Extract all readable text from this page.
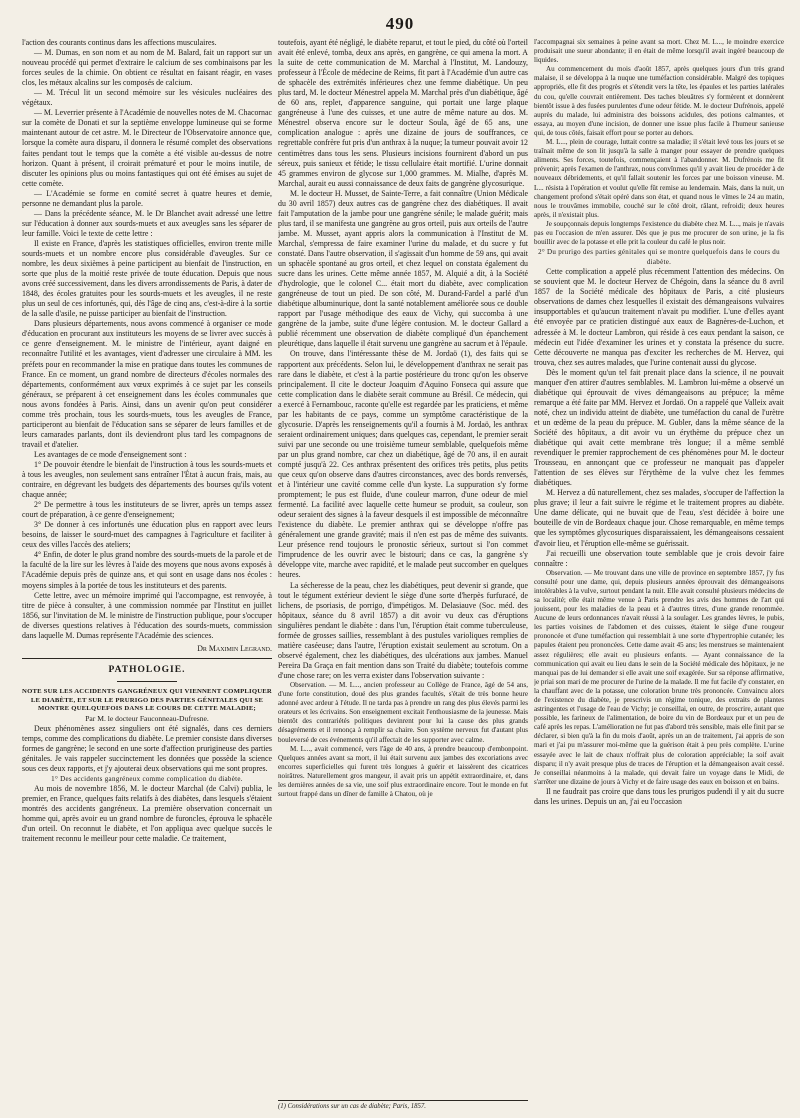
490

l'action des courants continus dans les affections musculaires.

— M. Dumas, en son nom et au nom de M. Balard, fait un rapport sur un nouveau procédé qui permet d'extraire le calcium de ses combinaisons par les forces seules de la chimie. On obtient ce résultat en faisant réagir, en vases clos, les métaux alcalins sur les composés de calcium.

— M. Trécul lit un second mémoire sur les vésicules nucléaires des végétaux.

— M. Leverrier présente à l'Académie de nouvelles notes de M. Chacornac sur la comète de Donati et sur la septième enveloppe lumineuse qui se forme maintenant autour de cet astre. M. le Directeur de l'Observatoire annonce que, lorsque la comète aura disparu, il donnera le résumé complet des observations faites pendant tout le temps que la comète a été visible au-dessus de notre horizon. Quant à présent, il croirait prématuré et pour le moins inutile, de discuter les opinions plus ou moins fantastiques qui ont été émises au sujet de cette comète.

— L'Académie se forme en comité secret à quatre heures et demie, personne ne demandant plus la parole.

— Dans la précédente séance, M. le Dr Blanchet avait adressé une lettre sur l'éducation à donner aux sourds-muets et aux aveugles sans les séparer de leur famille. Voici le texte de cette lettre :

Il existe en France, d'après les statistiques officielles, environ trente mille sourds-muets et un nombre encore plus considérable d'aveugles. Sur ce nombre, les deux sixièmes à peine participent au bienfait de l'instruction, en sorte que plus de la moitié reste privée de toute éducation. Depuis que nous avons créé successivement, dans les divers arrondissements de Paris, à dater de 1848, des écoles gratuites pour les sourds-muets et les aveugles, il ne reste plus un seul de ces infortunés, qui, dès l'âge de cinq ans, c'est-à-dire à la sortie de la salle d'asile, ne puisse participer au bienfait de l'instruction.

Dans plusieurs départements, nous avons commencé à organiser ce mode d'éducation en procurant aux instituteurs les moyens de se livrer avec succès à ce genre d'enseignement. M. le ministre de l'intérieur, ayant daigné en reconnaître l'utilité et les avantages, vient d'adresser une circulaire à MM. les préfets pour en recommander la mise en pratique dans toutes les communes de France. En ce moment, un grand nombre de directeurs d'écoles normales des départements, conformément aux vœux exprimés à ce sujet par les conseils généraux, se préparent à cet enseignement dans les écoles communales que nous avons fondées à Paris. Ainsi, dans un avenir qu'on peut considérer comme très prochain, tous les sourds-muets, tous les aveugles de France, participeront au bienfait de l'éducation sans se séparer de leurs familles et de leurs camarades parlants, dont ils deviendront plus tard les compagnons de travail et d'atelier.

Les avantages de ce mode d'enseignement sont :

1° De pouvoir étendre le bienfait de l'instruction à tous les sourds-muets et à tous les aveugles, non seulement sans entraîner l'État à aucun frais, mais, au contraire, en dégrevant les budgets des départements des bourses qu'ils votent chaque année;

2° De permettre à tous les instituteurs de se livrer, après un temps assez court de préparation, à ce genre d'enseignement;

3° De donner à ces infortunés une éducation plus en rapport avec leurs besoins, de laisser le sourd-muet des campagnes à l'agriculture et faciliter à ceux des villes l'accès des ateliers;

4° Enfin, de doter le plus grand nombre des sourds-muets de la parole et de la faculté de la lire sur les lèvres à l'aide des moyens que nous avons exposés à l'Académie depuis près de quinze ans, et qui sont en usage dans nos écoles : moyens simples à la portée de tous les instituteurs et des parents.

Cette lettre, avec un mémoire imprimé qui l'accompagne, est renvoyée, à titre de pièce à consulter, à une commission nommée par l'Institut en juillet 1856, sur l'invitation de M. le ministre de l'instruction publique, pour s'occuper de diverses questions relatives à l'éducation des sourds-muets, commission dans laquelle M. Dumas représente l'Académie des sciences.

Dr Maximin Legrand.

PATHOLOGIE.

NOTE SUR LES ACCIDENTS GANGRÉNEUX QUI VIENNENT COMPLIQUER LE DIABÈTE, ET SUR LE PRURIGO DES PARTIES GÉNITALES QUI SE MONTRE QUELQUEFOIS DANS LE COURS DE CETTE MALADIE;

Par M. le docteur Fauconneau-Dufresne.

Deux phénomènes assez singuliers ont été signalés, dans ces derniers temps, comme des complications du diabète. Le premier consiste dans diverses formes de gangrène; le second en une sorte d'affection prurigineuse des parties génitales. Je vais rappeler succinctement les données que possède la science sous ces deux rapports, et j'y ajouterai deux observations qui me sont propres.

1° Des accidents gangréneux comme complication du diabète.

Au mois de novembre 1856, M. le docteur Marchal (de Calvi) publia, le premier, en France, quelques faits relatifs à des diabètes, dans lesquels s'étaient montrés des accidents gangréneux. La première observation concernait un homme qui, après avoir eu un grand nombre de furoncles, éprouva le sphacèle d'un orteil. On reconnut le diabète, et l'on appliqua avec quelque succès le traitement reconnu le meilleur pour cette maladie. Ce traitement,

toutefois, ayant été négligé, le diabète reparut, et tout le pied, du côté où l'orteil avait été enlevé, tomba, deux ans après, en gangrène, ce qui amena la mort. A la suite de cette communication de M. Marchal à l'Institut, M. Landouzy, professeur à l'École de médecine de Reims, fit part à l'Académie d'un autre cas de sphacèle des extrémités inférieures chez une femme diabétique. Un peu plus tard, M. le docteur Ménestrel appela M. Marchal près d'un diabétique, âgé de 60 ans, replet, d'apparence sanguine, qui portait une large plaque gangréneuse à l'une des cuisses, et une autre de même nature au dos. M. Ménestrel observa encore sur le docteur Soula, âgé de 65 ans, une complication analogue : après une dizaine de jours de souffrances, ce regrettable confrère fut pris d'un anthrax à la nuque; la tumeur pouvait avoir 12 centimètres dans tous les sens. Plusieurs incisions fournirent d'abord un pus séreux, puis sanieux et fétide; le tissu cellulaire était mortifié. L'urine donnait 45 grammes environ de glycose sur 1,000 grammes. M. Mialhe, d'après M. Marchal, aurait eu aussi connaissance de deux faits de gangrène glycosurique.

M. le docteur H. Musset, de Sainte-Terre, a fait connaître (Union Médicale du 30 avril 1857) deux autres cas de gangrène chez des diabétiques. Il avait fait l'amputation de la jambe pour une gangrène sénile; le malade guérit; mais plus tard, il se manifesta une gangrène au gros orteil, puis aux orteils de l'autre jambe. M. Musset, ayant appris alors la communication à l'Institut de M. Marchal, s'empressa de faire examiner l'urine du malade, et du sucre y fut constaté. Dans l'autre observation, il s'agissait d'un homme de 59 ans, qui avait un sphacèle spontané au gros orteil, et chez lequel on constata également du sucre dans les urines. Cette même année 1857, M. Alquié a dit, à la Société d'hydrologie, que le colonel C... était mort du diabète, avec complication gangréneuse de tout un pied. De son côté, M. Durand-Fardel a parlé d'un diabétique albuminurique, dont la santé notablement améliorée sous ce double rapport par l'usage méthodique des eaux de Vichy, qui succomba à une gangrène de la jambe, suite d'une légère contusion. M. le docteur Gallard a publié récemment une observation de diabète compliqué d'un épanchement pleurétique, dans laquelle il était survenu une gangrène au sacrum et à l'épaule.

On trouve, dans l'intéressante thèse de M. Jordaö (1), des faits qui se rapportent aux précédents. Selon lui, le développement d'anthrax ne serait pas rare dans le diabète, et c'est à la partie postérieure du tronc qu'on les observe principalement. Il cite le docteur Joaquim d'Aquino Fonseca qui assure que cette complication dans le diabète serait commune au Brésil. Ce médecin, qui a exercé à Fernambouc, raconte qu'elle est regardée par les praticiens, et même par les habitants de ce pays, comme un symptôme caractéristique de la glycosurie. D'après les renseignements qu'il a fournis à M. Jordaö, les anthrax seraient ordinairement uniques; dans quelques cas, cependant, le premier serait suivi par une seconde ou une troisième tumeur semblable, quelquefois même par un plus grand nombre, car chez un diabétique, âgé de 70 ans, il en aurait compté jusqu'à 22. Ces anthrax présentent des orifices très petits, plus petits que ceux qu'on observe dans d'autres circonstances, avec des bords renversés, et à l'intérieur une cavité comme celle d'un kyste. La suppuration s'y forme promptement; le pus est fluide, d'une couleur marron, d'une odeur de miel fermenté. La facilité avec laquelle cette humeur se produit, sa couleur, son odeur seraient des signes à la faveur desquels il est impossible de méconnaître l'existence du diabète. Le premier anthrax qui se développe n'offre pas généralement une grande gravité; mais il n'en est pas de même des suivants. Leur présence rend toujours le pronostic sérieux, surtout si l'on commet l'imprudence de les ouvrir avec le bistouri; dans ce cas, la gangrène s'y développe vite, marche avec rapidité, et le malade peut succomber en quelques heures.

La sécheresse de la peau, chez les diabétiques, peut devenir si grande, que tout le tégument extérieur devient le siège d'une sorte d'herpès furfuracé, de lichens, de psoriasis, de porrigo, d'impétigos. M. Delasiauve (Soc. méd. des hôpitaux, séance du 8 avril 1857) a dit avoir vu deux cas d'éruptions singulières pendant le diabète : dans l'un, l'éruption était comme tuberculeuse, formée de grosses saillies, ressemblant à des pustules varioliques remplies de matière caséeuse; dans l'autre, l'éruption existait seulement au scrotum. On a observé également, chez les diabétiques, des ulcérations aux jambes. Manuel Pereira Da Graça en fait mention dans son Traité du diabète; toutefois comme d'une chose rare; on les verra exister dans l'observation suivante :

Observation. — M. L..., ancien professeur au Collège de France, âgé de 54 ans, d'une forte constitution, doué des plus grandes facultés, s'était de très bonne heure adonné avec ardeur à l'étude. Il ne tarda pas à prendre un rang des plus élevés parmi les orateurs et les écrivains. Son enseignement excitait l'enthousiasme de la jeunesse. Mais bientôt des contrariétés politiques devinrent pour lui la cause des plus grands désagréments et il renonça à remplir sa chaire. Son système nerveux fut d'autant plus bouleversé de ces événements qu'il affectait de les supporter avec calme.

M. L..., avait commencé, vers l'âge de 40 ans, à prendre beaucoup d'embonpoint. Quelques années avant sa mort, il lui était survenu aux jambes des excoriations avec encorres superficielles qui furent très longues à guérir et laissèrent des cicatrices noirâtres. Naturellement gros mangeur, il avait pris un appétit extraordinaire, et, dans les dernières années de sa vie, une soif plus extraordinaire encore. Tout le monde en fut surtout frappé dans un dîner de famille à Chatou, où je

(1) Considérations sur un cas de diabète; Paris, 1857.

l'accompagnai six semaines à peine avant sa mort. Chez M. L..., le moindre exercice produisait une sueur abondante; il en était de même lorsqu'il avait ingéré beaucoup de liquides.

Au commencement du mois d'août 1857, après quelques jours d'un très grand malaise, il se développa à la nuque une tuméfaction considérable. Malgré des topiques appropriés, elle fit des progrès et s'étendit vers la tête, les épaules et les parties latérales du cou, qu'elle couvrait entièrement. Des taches bleuâtres s'y formèrent et donnèrent bientôt issue à des fusées purulentes d'une odeur fétide. M. le docteur Dufrénois, appelé auprès du malade, lui administra des boissons acidules, des potions calmantes, et essaya, au moyen d'une incision, de donner une issue plus facile à l'humeur sanieuse qui, de tous côtés, faisait effort pour se porter au dehors.

M. L..., plein de courage, luttait contre sa maladie; il s'était levé tous les jours et se traînait même de son lit jusqu'à la salle à manger pour essayer de prendre quelques aliments. Ses forces, toutefois, commençaient à l'abandonner. M. Dufrénois me fit prévenir; après l'examen de l'anthrax, nous convînmes qu'il y avait lieu de procéder à de nouveaux débridements, et qu'il fallait soutenir les forces par une boisson vineuse. M. L... résista à l'opération et voulut qu'elle fût remise au lendemain. Mais, dans la nuit, un changement profond s'était opéré dans son état, et quand nous le vîmes le 24 au matin, nous le trouvâmes immobile, couché sur le côté droit, râlant, refroidi; deux heures après, il n'existait plus.

Je soupçonnais depuis longtemps l'existence du diabète chez M. L..., mais je n'avais pas eu l'occasion de m'en assurer. Dès que je pus me procurer de son urine, je la fis bouillir avec de la potasse et elle prit la couleur du café le plus noir.

2° Du prurigo des parties génitales qui se montre quelquefois dans le cours du diabète.

Cette complication a appelé plus récemment l'attention des médecins. On se souvient que M. le docteur Hervez de Chégoin, dans la séance du 8 avril 1857 de la Société médicale des hôpitaux de Paris, a cité plusieurs observations de dames chez lesquelles il existait des démangeaisons vulvaires insupportables et qu'aucun traitement n'avait pu modifier. L'une d'elles ayant été envoyée par ce praticien distingué aux eaux de Bagnères-de-Luchon, et adressée à M. le docteur Lambron, qui réside à ces eaux pendant la saison, ce médecin eut l'idée d'examiner les urines et y constata la présence du sucre. Cette découverte ne manqua pas d'exciter les recherches de M. Hervez, qui trouva, chez ses autres malades, que l'urine contenait aussi du glycose.

Dès le moment qu'un tel fait prenait place dans la science, il ne pouvait manquer d'en attirer d'autres semblables. M. Lambron lui-même a observé un diabétique qui éprouvait de vives démangeaisons au prépuce; la même remarque a été faite par MM. Hervez et Jordaö. On a rappelé que Valleix avait noté, chez un individu atteint de diabète, une tuméfaction du canal de l'urètre et un œdème de la peau du prépuce. M. Gubler, dans la même séance de la Société des hôpitaux, a dit avoir vu un érythème du prépuce chez un diabétique qui avait cette membrane très longue; il a même semblé revendiquer le premier rapprochement de ces phénomènes pour M. le docteur Trousseau, en annonçant que ce professeur ne manquait pas d'appeler l'attention de ses élèves sur l'érythème de la vulve chez les femmes diabétiques.

M. Hervez a dû naturellement, chez ses malades, s'occuper de l'affection la plus grave; il leur a fait suivre le régime et le traitement propres au diabète. Une dame délicate, qui ne buvait que de l'eau, s'est décidée à boire une bouteille de vin de Bordeaux chaque jour. Chose remarquable, en même temps que les symptômes glycosuriques disparaissaient, les démangeaisons cessaient d'avoir lieu, et l'éruption elle-même se guérissait.

J'ai recueilli une observation toute semblable que je crois devoir faire connaître :

Observation. — Me trouvant dans une ville de province en septembre 1857, j'y fus consulté pour une dame, qui, depuis plusieurs années éprouvait des démangeaisons intolérables à la vulve, surtout pendant la nuit. Elle avait consulté plusieurs médecins de sa localité; elle était même venue à Paris prendre les avis des hommes de l'art qui jouissent, pour les maladies de la peau et à d'autres titres, d'une grande renommée. Aucune de leurs ordonnances n'avait réussi à la soulager. Les grandes lèvres, le pubis, les parties voisines de l'abdomen et des cuisses, étaient le siège d'une rougeur prononcée et d'une tuméfaction qui ressemblait à une sorte d'hypertrophie cutanée; les papules étaient peu prononcées. Cette dame avait 45 ans; les menstrues se maintenaient assez régulières; elle avait eu plusieurs enfants. — Ayant connaissance de la communication qui avait eu lieu dans le sein de la Société médicale des hôpitaux, je ne manquai pas de lui demander si elle avait une soif exagérée. Sur sa réponse affirmative, je priai son mari de me procurer de l'urine de la malade. Il me fut facile d'y constater, en la chauffant avec de la potasse, une coloration brune très prononcée. Convaincu alors de l'existence du diabète, je prescrivis un régime tonique, des extraits de plantes astringentes et l'usage de l'eau de Vichy; je conseillai, en outre, de proscrire, autant que possible, les farineux de l'alimentation, de boire du vin de Bordeaux pur et un peu de café après les repas. L'amélioration ne fut pas d'abord très sensible, mais elle finit par se déclarer, si bien qu'à la fin du mois d'août, après un an de traitement, j'ai appris de son mari et j'ai pu m'assurer moi-même que la guérison était à peu près complète. L'urine essayée avec le lait de chaux n'offrait plus de coloration appréciable; la soif avait disparu; il n'y avait presque plus de traces de l'éruption et la démangeaison avait cessé. Je conseillai néanmoins à la malade, qui devait faire un voyage dans le Midi, de s'arrêter une dizaine de jours à Vichy et de faire usage des eaux en boisson et en bains.

Il ne faudrait pas croire que dans tous les prurigos pudendi il y ait du sucre dans les urines. Depuis un an, j'ai eu l'occasion
